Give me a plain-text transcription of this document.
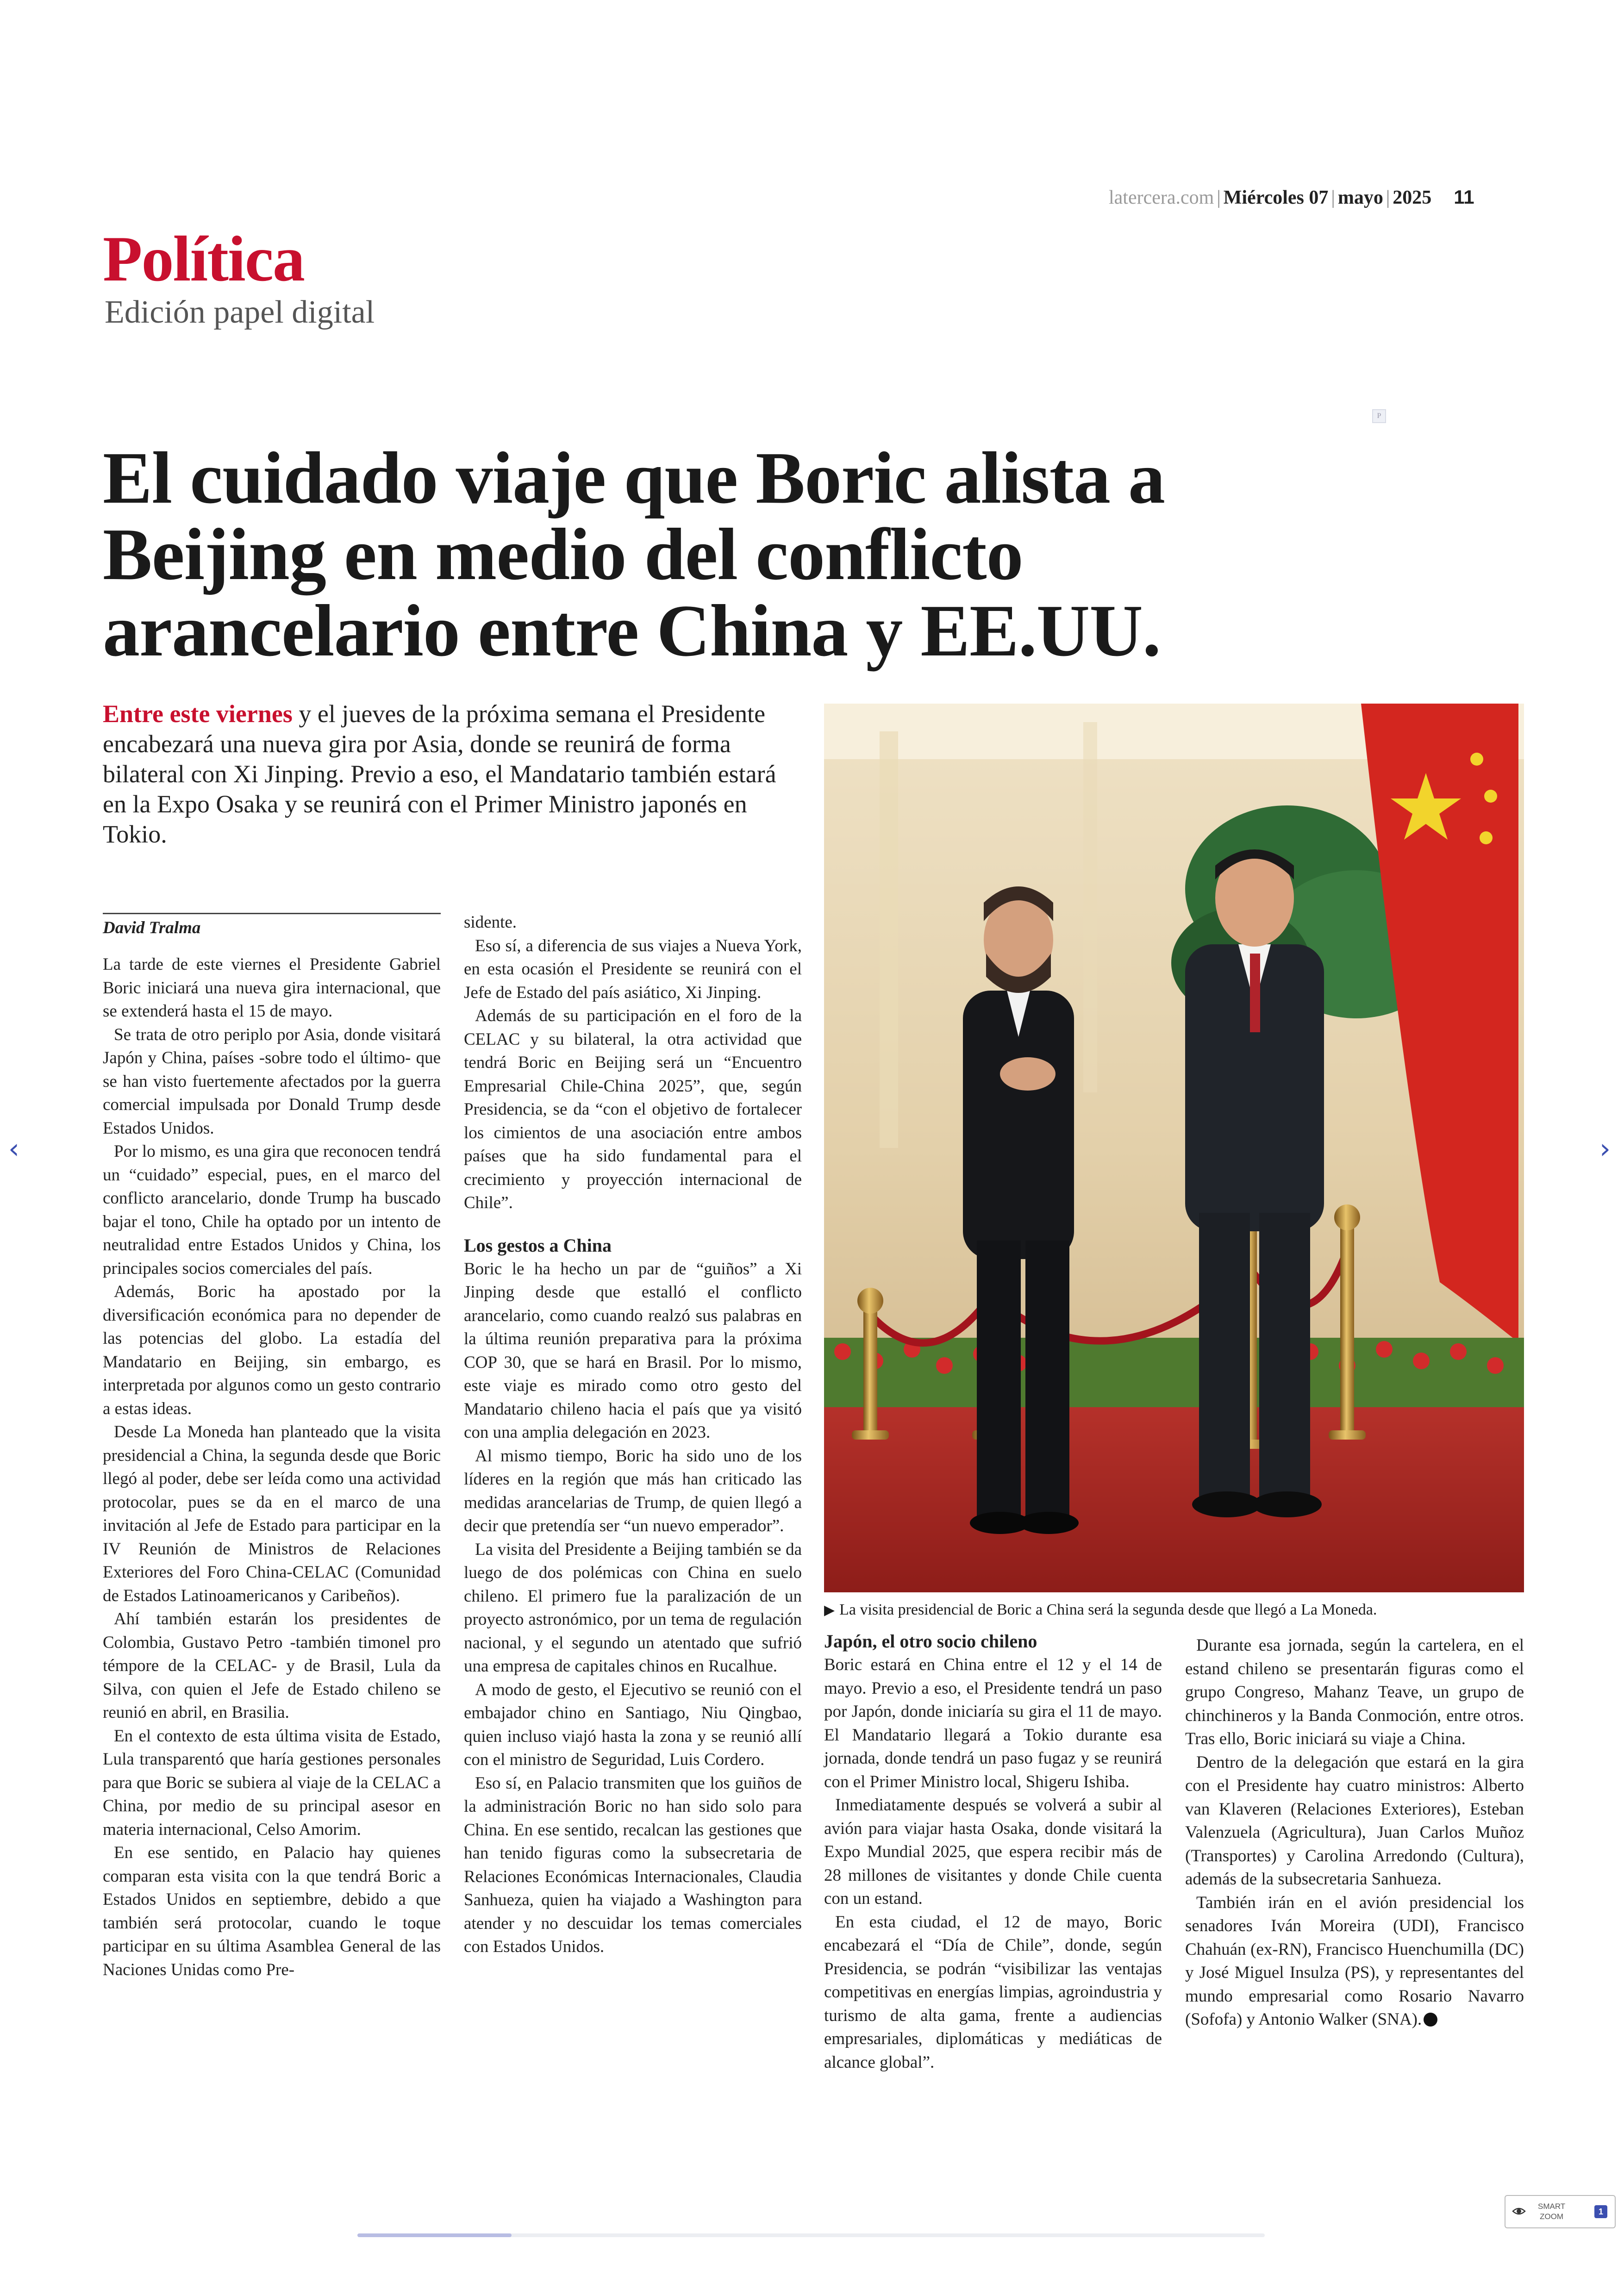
latercera.com | Miércoles 07 | mayo | 2025 11
Política
Edición papel digital
P
El cuidado viaje que Boric alista a Beijing en medio del conflicto arancelario entre China y EE.UU.
Entre este viernes y el jueves de la próxima semana el Presidente encabezará una nueva gira por Asia, donde se reunirá de forma bilateral con Xi Jinping. Previo a eso, el Mandatario también estará en la Expo Osaka y se reunirá con el Primer Ministro japonés en Tokio.
▶ La visita presidencial de Boric a China será la segunda desde que llegó a La Moneda.
David Tralma

La tarde de este viernes el Presidente Gabriel Boric iniciará una nueva gira internacional, que se extenderá hasta el 15 de mayo.

Se trata de otro periplo por Asia, donde visitará Japón y China, países -sobre todo el último- que se han visto fuertemente afectados por la guerra comercial impulsada por Donald Trump desde Estados Unidos.

Por lo mismo, es una gira que reconocen tendrá un “cuidado” especial, pues, en el marco del conflicto arancelario, donde Trump ha buscado bajar el tono, Chile ha optado por un intento de neutralidad entre Estados Unidos y China, los principales socios comerciales del país.

Además, Boric ha apostado por la diversificación económica para no depender de las potencias del globo. La estadía del Mandatario en Beijing, sin embargo, es interpretada por algunos como un gesto contrario a estas ideas.

Desde La Moneda han planteado que la visita presidencial a China, la segunda desde que Boric llegó al poder, debe ser leída como una actividad protocolar, pues se da en el marco de una invitación al Jefe de Estado para participar en la IV Reunión de Ministros de Relaciones Exteriores del Foro China-CELAC (Comunidad de Estados Latinoamericanos y Caribeños).

Ahí también estarán los presidentes de Colombia, Gustavo Petro -también timonel pro témpore de la CELAC- y de Brasil, Lula da Silva, con quien el Jefe de Estado chileno se reunió en abril, en Brasilia.

En el contexto de esta última visita de Estado, Lula transparentó que haría gestiones personales para que Boric se subiera al viaje de la CELAC a China, por medio de su principal asesor en materia internacional, Celso Amorim.

En ese sentido, en Palacio hay quienes comparan esta visita con la que tendrá Boric a Estados Unidos en septiembre, debido a que también será protocolar, cuando le toque participar en su última Asamblea General de las Naciones Unidas como Pre-

sidente.

Eso sí, a diferencia de sus viajes a Nueva York, en esta ocasión el Presidente se reunirá con el Jefe de Estado del país asiático, Xi Jinping.

Además de su participación en el foro de la CELAC y su bilateral, la otra actividad que tendrá Boric en Beijing será un “Encuentro Empresarial Chile-China 2025”, que, según Presidencia, se da “con el objetivo de fortalecer los cimientos de una asociación entre ambos países que ha sido fundamental para el crecimiento y proyección internacional de Chile”.

Los gestos a China

Boric le ha hecho un par de “guiños” a Xi Jinping desde que estalló el conflicto arancelario, como cuando realzó sus palabras en la última reunión preparativa para la próxima COP 30, que se hará en Brasil. Por lo mismo, este viaje es mirado como otro gesto del Mandatario chileno hacia el país que ya visitó con una amplia delegación en 2023.

Al mismo tiempo, Boric ha sido uno de los líderes en la región que más han criticado las medidas arancelarias de Trump, de quien llegó a decir que pretendía ser “un nuevo emperador”.

La visita del Presidente a Beijing también se da luego de dos polémicas con China en suelo chileno. El primero fue la paralización de un proyecto astronómico, por un tema de regulación nacional, y el segundo un atentado que sufrió una empresa de capitales chinos en Rucalhue.

A modo de gesto, el Ejecutivo se reunió con el embajador chino en Santiago, Niu Qingbao, quien incluso viajó hasta la zona y se reunió allí con el ministro de Seguridad, Luis Cordero.

Eso sí, en Palacio transmiten que los guiños de la administración Boric no han sido solo para China. En ese sentido, recalcan las gestiones que han tenido figuras como la subsecretaria de Relaciones Económicas Internacionales, Claudia Sanhueza, quien ha viajado a Washington para atender y no descuidar los temas comerciales con Estados Unidos.

Japón, el otro socio chileno

Boric estará en China entre el 12 y el 14 de mayo. Previo a eso, el Presidente tendrá un paso por Japón, donde iniciaría su gira el 11 de mayo. El Mandatario llegará a Tokio durante esa jornada, donde tendrá un paso fugaz y se reunirá con el Primer Ministro local, Shigeru Ishiba.

Inmediatamente después se volverá a subir al avión para viajar hasta Osaka, donde visitará la Expo Mundial 2025, que espera recibir más de 28 millones de visitantes y donde Chile cuenta con un estand.

En esta ciudad, el 12 de mayo, Boric encabezará el “Día de Chile”, donde, según Presidencia, se podrán “visibilizar las ventajas competitivas en energías limpias, agroindustria y turismo de alta gama, frente a audiencias empresariales, diplomáticas y mediáticas de alcance global”.

Durante esa jornada, según la cartelera, en el estand chileno se presentarán figuras como el grupo Congreso, Mahanz Teave, un grupo de chinchineros y la Banda Conmoción, entre otros. Tras ello, Boric iniciará su viaje a China.

Dentro de la delegación que estará en la gira con el Presidente hay cuatro ministros: Alberto van Klaveren (Relaciones Exteriores), Esteban Valenzuela (Agricultura), Juan Carlos Muñoz (Transportes) y Carolina Arredondo (Cultura), además de la subsecretaria Sanhueza.

También irán en el avión presidencial los senadores Iván Moreira (UDI), Francisco Chahuán (ex-RN), Francisco Huenchumilla (DC) y José Miguel Insulza (PS), y representantes del mundo empresarial como Rosario Navarro (Sofofa) y Antonio Walker (SNA).

‹	›
SMART
ZOOM
1
